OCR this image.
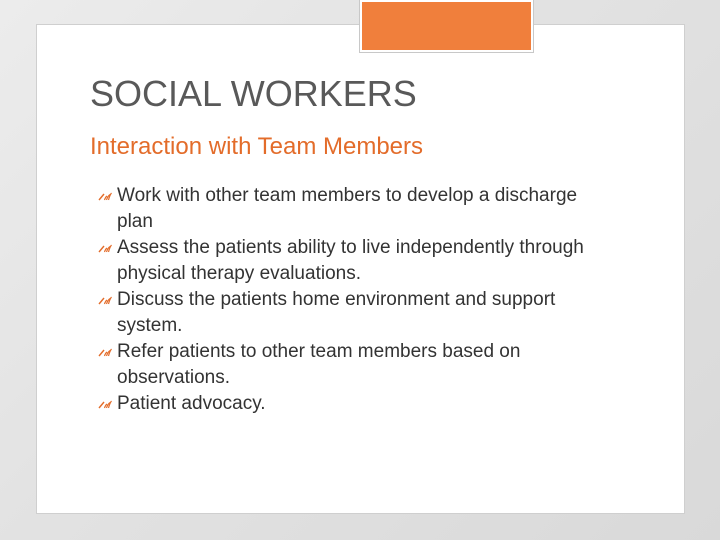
SOCIAL WORKERS
Interaction with Team Members
Work with other team members to develop a discharge plan
Assess the patients ability to live independently through physical therapy evaluations.
Discuss the patients home environment and support system.
Refer patients to other team members based on observations.
Patient advocacy.
